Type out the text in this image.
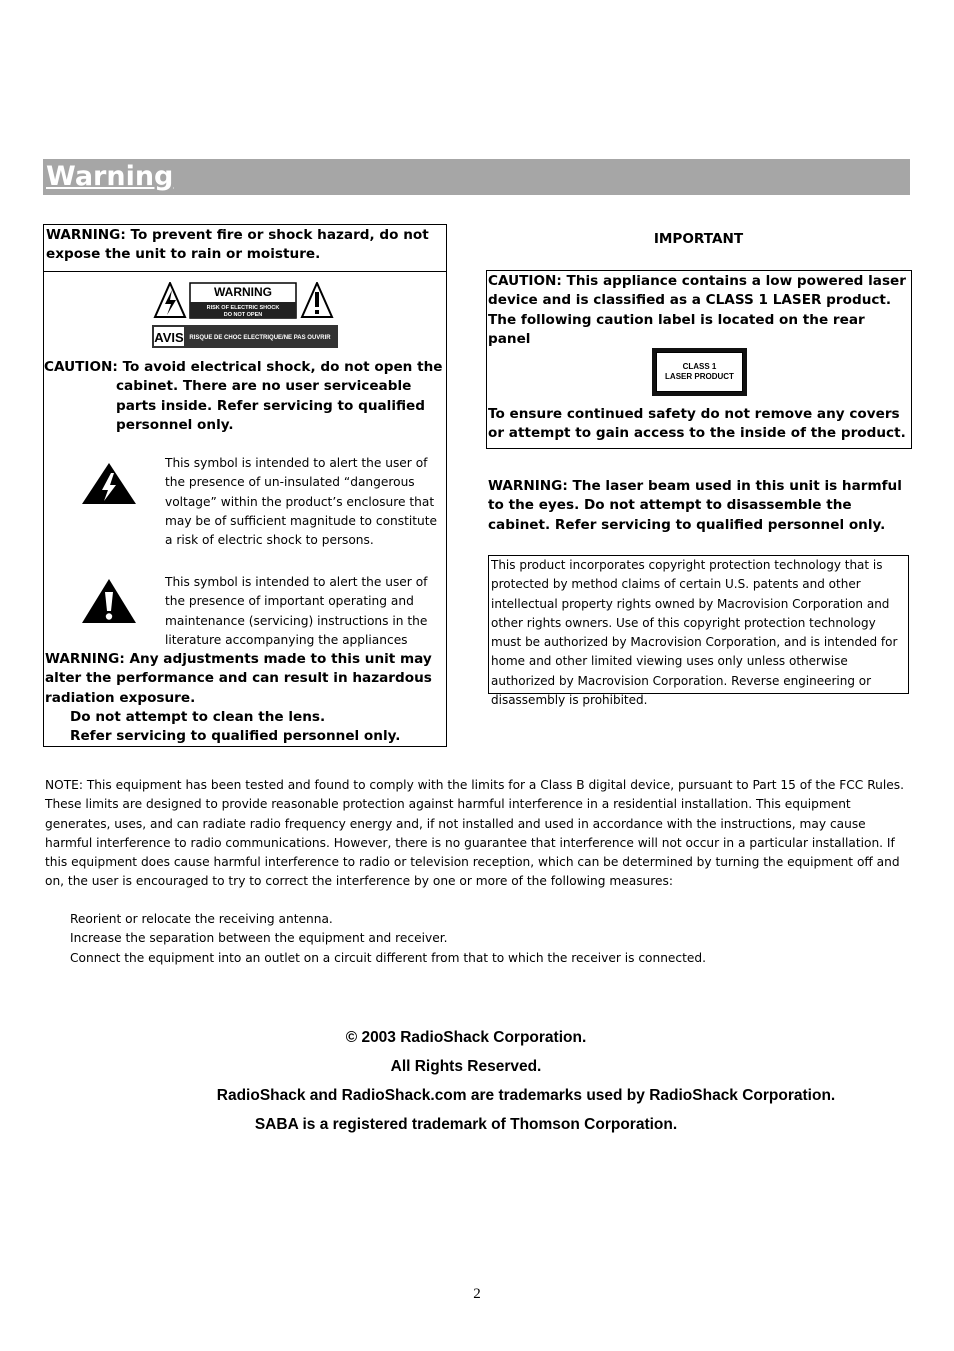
Warning
WARNING: To prevent fire or shock hazard, do not expose the unit to rain or moisture.
WARNING
RISK OF ELECTRIC SHOCK
DO NOT OPEN
AVIS RISQUE DE CHOC ELECTRIQUE/NE PAS OUVRIR
CAUTION: To avoid electrical shock, do not open the
cabinet. There are no user serviceable parts inside. Refer servicing to qualified personnel only.
This symbol is intended to alert the user of the presence of un-insulated “dangerous voltage” within the product’s enclosure that may be of sufficient magnitude to constitute a risk of electric shock to persons.
This symbol is intended to alert the user of the presence of important operating and maintenance (servicing) instructions in the literature accompanying the appliances
WARNING: Any adjustments made to this unit may alter the performance and can result in hazardous radiation exposure.
Do not attempt to clean the lens.
Refer servicing to qualified personnel only.
IMPORTANT
CAUTION: This appliance contains a low powered laser device and is classified as a CLASS 1 LASER product. The following caution label is located on the rear panel
CLASS 1
LASER PRODUCT
To ensure continued safety do not remove any covers or attempt to gain access to the inside of the product.
WARNING: The laser beam used in this unit is harmful to the eyes. Do not attempt to disassemble the cabinet. Refer servicing to qualified personnel only.
This product incorporates copyright protection technology that is protected by method claims of certain U.S. patents and other intellectual property rights owned by Macrovision Corporation and other rights owners. Use of this copyright protection technology must be authorized by Macrovision Corporation, and is intended for home and other limited viewing uses only unless otherwise authorized by Macrovision Corporation. Reverse engineering or disassembly is prohibited.
NOTE: This equipment has been tested and found to comply with the limits for a Class B digital device, pursuant to Part 15 of the FCC Rules. These limits are designed to provide reasonable protection against harmful interference in a residential installation. This equipment generates, uses, and can radiate radio frequency energy and, if not installed and used in accordance with the instructions, may cause harmful interference to radio communications. However, there is no guarantee that interference will not occur in a particular installation. If this equipment does cause harmful interference to radio or television reception, which can be determined by turning the equipment off and on, the user is encouraged to try to correct the interference by one or more of the following measures:
Reorient or relocate the receiving antenna.
Increase the separation between the equipment and receiver.
Connect the equipment into an outlet on a circuit different from that to which the receiver is connected.

© 2003 RadioShack Corporation.

All Rights Reserved.

RadioShack and RadioShack.com are trademarks used by RadioShack Corporation.

SABA is a registered trademark of Thomson Corporation.

2
